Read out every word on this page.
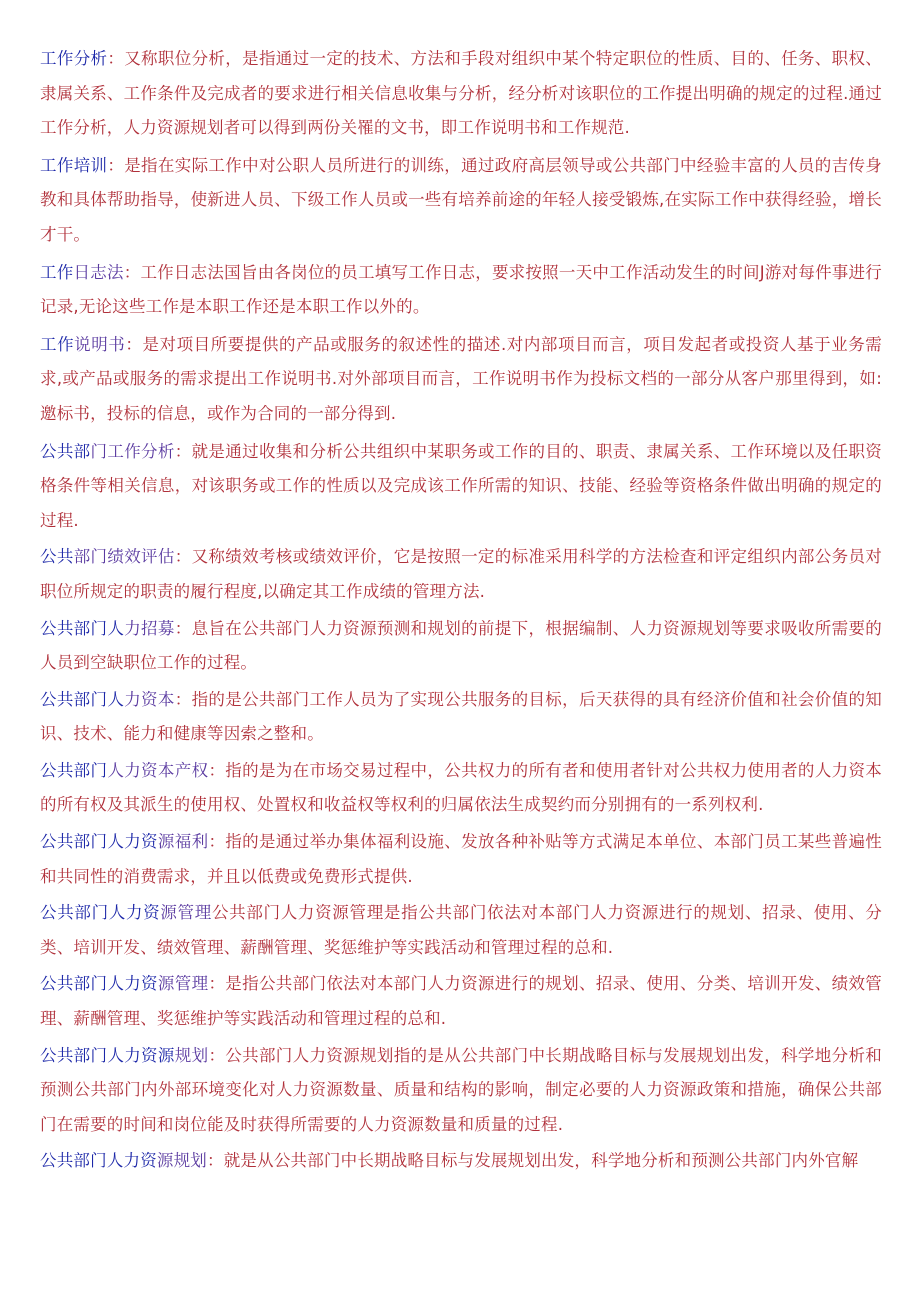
工作分析：又称职位分析，是指通过一定的技术、方法和手段对组织中某个特定职位的性质、目的、任务、职权、隶属关系、工作条件及完成者的要求进行相关信息收集与分析，经分析对该职位的工作提出明确的规定的过程.通过工作分析，人力资源规划者可以得到两份关罹的文书，即工作说明书和工作规范.

工作培训：是指在实际工作中对公职人员所进行的训练，通过政府高层领导或公共部门中经验丰富的人员的吉传身教和具体帮助指导，使新进人员、下级工作人员或一些有培养前途的年轻人接受锻炼,在实际工作中获得经验，增长才干。

工作日志法：工作日志法国旨由各岗位的员工填写工作日志，要求按照一天中工作活动发生的时间J游对每件事进行记录,无论这些工作是本职工作还是本职工作以外的。

工作说明书：是对项目所要提供的产品或服务的叙述性的描述.对内部项目而言，项目发起者或投资人基于业务需求,或产品或服务的需求提出工作说明书.对外部项目而言，工作说明书作为投标文档的一部分从客户那里得到，如:邀标书，投标的信息，或作为合同的一部分得到.

公共部门工作分析：就是通过收集和分析公共组织中某职务或工作的目的、职责、隶属关系、工作环境以及任职资格条件等相关信息，对该职务或工作的性质以及完成该工作所需的知识、技能、经验等资格条件做出明确的规定的过程.

公共部门绩效评估：又称绩效考核或绩效评价，它是按照一定的标准采用科学的方法检查和评定组织内部公务员对职位所规定的职责的履行程度,以确定其工作成绩的管理方法.

公共部门人力招募：息旨在公共部门人力资源预测和规划的前提下，根据编制、人力资源规划等要求吸收所需要的人员到空缺职位工作的过程。

公共部门人力资本：指的是公共部门工作人员为了实现公共服务的目标，后天获得的具有经济价值和社会价值的知识、技术、能力和健康等因索之整和。

公共部门人力资本产权：指的是为在市场交易过程中，公共权力的所有者和使用者针对公共权力使用者的人力资本的所有权及其派生的使用权、处置权和收益权等权利的归属依法生成契约而分别拥有的一系列权利.

公共部门人力资源福利：指的是通过举办集体福利设施、发放各种补贴等方式满足本单位、本部门员工某些普遍性和共同性的消费需求，并且以低费或免费形式提供.

公共部门人力资源管理公共部门人力资源管理是指公共部门依法对本部门人力资源进行的规划、招录、使用、分类、培训开发、绩效管理、薪酬管理、奖惩维护等实践活动和管理过程的总和.

公共部门人力资源管理：是指公共部门依法对本部门人力资源进行的规划、招录、使用、分类、培训开发、绩效管理、薪酬管理、奖惩维护等实践活动和管理过程的总和.

公共部门人力资源规划：公共部门人力资源规划指的是从公共部门中长期战略目标与发展规划出发，科学地分析和预测公共部门内外部环境变化对人力资源数量、质量和结构的影响，制定必要的人力资源政策和措施，确保公共部门在需要的时间和岗位能及时获得所需要的人力资源数量和质量的过程.

公共部门人力资源规划：就是从公共部门中长期战略目标与发展规划出发，科学地分析和预测公共部门内外官解
